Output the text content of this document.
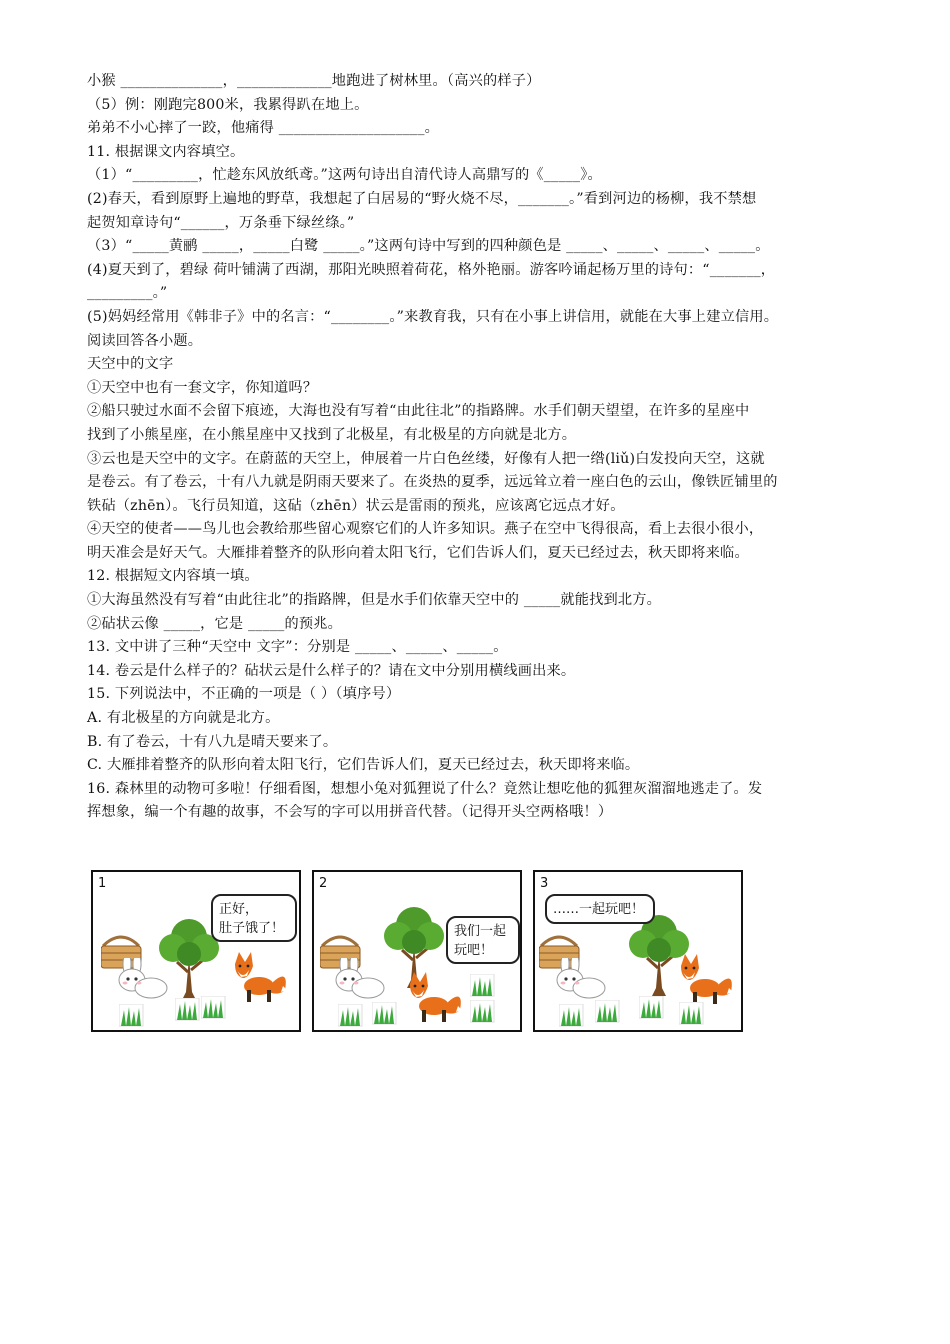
小猴 ______________，_____________地跑进了树林里。（高兴的样子）
（5）例：刚跑完800米，我累得趴在地上。
弟弟不小心摔了一跤，他痛得 ____________________。
11. 根据课文内容填空。
（1）“_________，忙趁东风放纸鸢。”这两句诗出自清代诗人高鼎写的《_____》。
(2)春天，看到原野上遍地的野草，我想起了白居易的“野火烧不尽，_______。”看到河边的杨柳，我不禁想
起贺知章诗句“______，万条垂下绿丝绦。”
（3）“_____黄鹂 _____，_____白鹭 _____。”这两句诗中写到的四种颜色是 _____、_____、_____、_____。
(4)夏天到了，碧绿 荷叶铺满了西湖，那阳光映照着荷花，格外艳丽。游客吟诵起杨万里的诗句：“_______，
_________。”
(5)妈妈经常用《韩非子》中的名言：“________。”来教育我，只有在小事上讲信用，就能在大事上建立信用。
阅读回答各小题。
天空中的文字
①天空中也有一套文字，你知道吗？
②船只驶过水面不会留下痕迹，大海也没有写着“由此往北”的指路牌。水手们朝天望望，在许多的星座中
找到了小熊星座，在小熊星座中又找到了北极星，有北极星的方向就是北方。
③云也是天空中的文字。在蔚蓝的天空上，伸展着一片白色丝缕，好像有人把一绺(liǔ)白发投向天空，这就
是卷云。有了卷云，十有八九就是阴雨天要来了。在炎热的夏季，远远耸立着一座白色的云山，像铁匠铺里的
铁砧（zhēn）。飞行员知道，这砧（zhēn）状云是雷雨的预兆，应该离它远点才好。
④天空的使者——鸟儿也会教给那些留心观察它们的人许多知识。燕子在空中飞得很高，看上去很小很小，
明天准会是好天气。大雁排着整齐的队形向着太阳飞行，它们告诉人们，夏天已经过去，秋天即将来临。
12. 根据短文内容填一填。
①大海虽然没有写着“由此往北”的指路牌，但是水手们依靠天空中的 _____就能找到北方。
②砧状云像 _____，它是 _____的预兆。
13. 文中讲了三种“天空中 文字”：分别是 _____、_____、_____。
14. 卷云是什么样子的？砧状云是什么样子的？请在文中分别用横线画出来。
15. 下列说法中，不正确的一项是（ ）（填序号）
A. 有北极星的方向就是北方。
B. 有了卷云，十有八九是晴天要来了。
C. 大雁排着整齐的队形向着太阳飞行，它们告诉人们，夏天已经过去，秋天即将来临。
16. 森林里的动物可多啦！仔细看图，想想小兔对狐狸说了什么？竟然让想吃他的狐狸灰溜溜地逃走了。发
挥想象，编一个有趣的故事，不会写的字可以用拼音代替。（记得开头空两格哦！）
1
正好，
肚子饿了！
2
我们一起
玩吧！
3
……一起玩吧！
